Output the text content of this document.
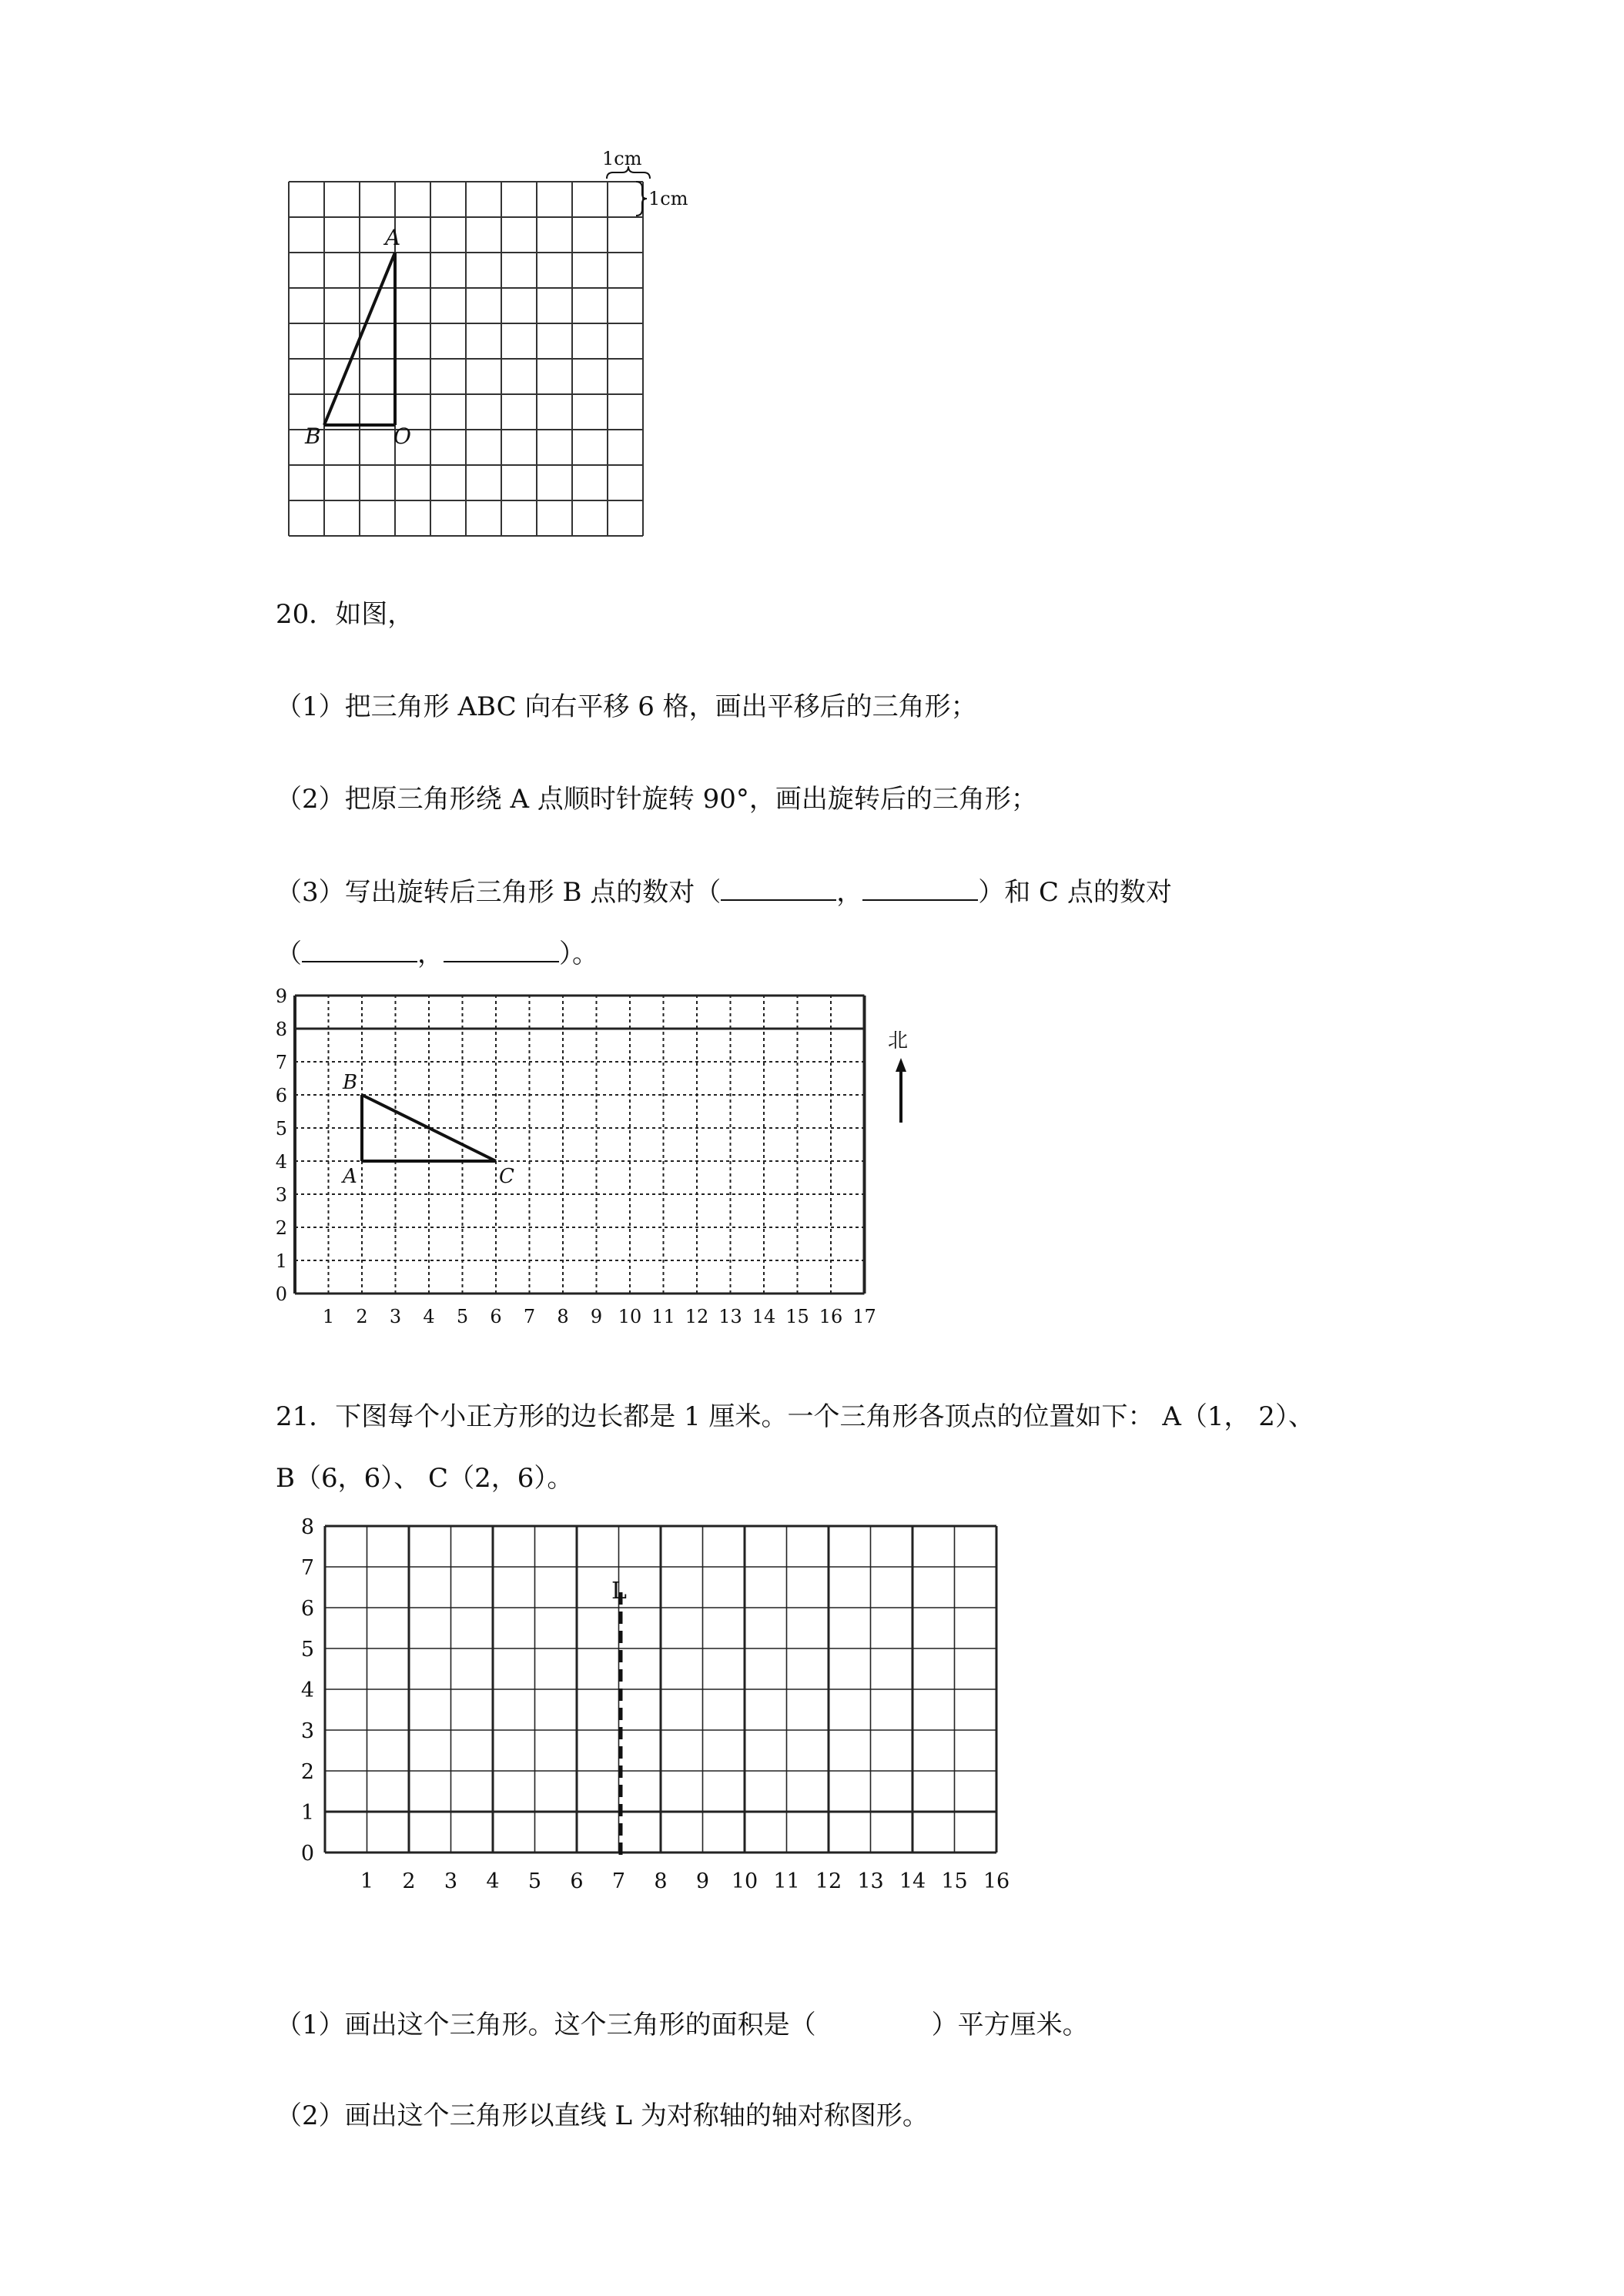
A
B	O
1cm
1cm
20．如图，
（1）把三角形 ABC 向右平移 6 格，画出平移后的三角形；
（2）把原三角形绕 A 点顺时针旋转 90°，画出旋转后的三角形；
（3）写出旋转后三角形 B 点的数对（	，	）和 C 点的数对
（	，	）。
1 2 3 4 5 6 7 8 9 10 11 12 13 14 15 16 17
0
1
2
3
4
5
6
7
8
9
B
A	C
北
21．下图每个小正方形的边长都是 1 厘米。一个三角形各顶点的位置如下： A（1， 2）、
B（6，6）、 C（2，6）。
1 2 3 4 5 6 7 8 9 10 11 12 13 14 15 16
0
1
2
3
4
5
6
7
8
L
（1）画出这个三角形。这个三角形的面积是（	）平方厘米。
（2）画出这个三角形以直线 L 为对称轴的轴对称图形。
